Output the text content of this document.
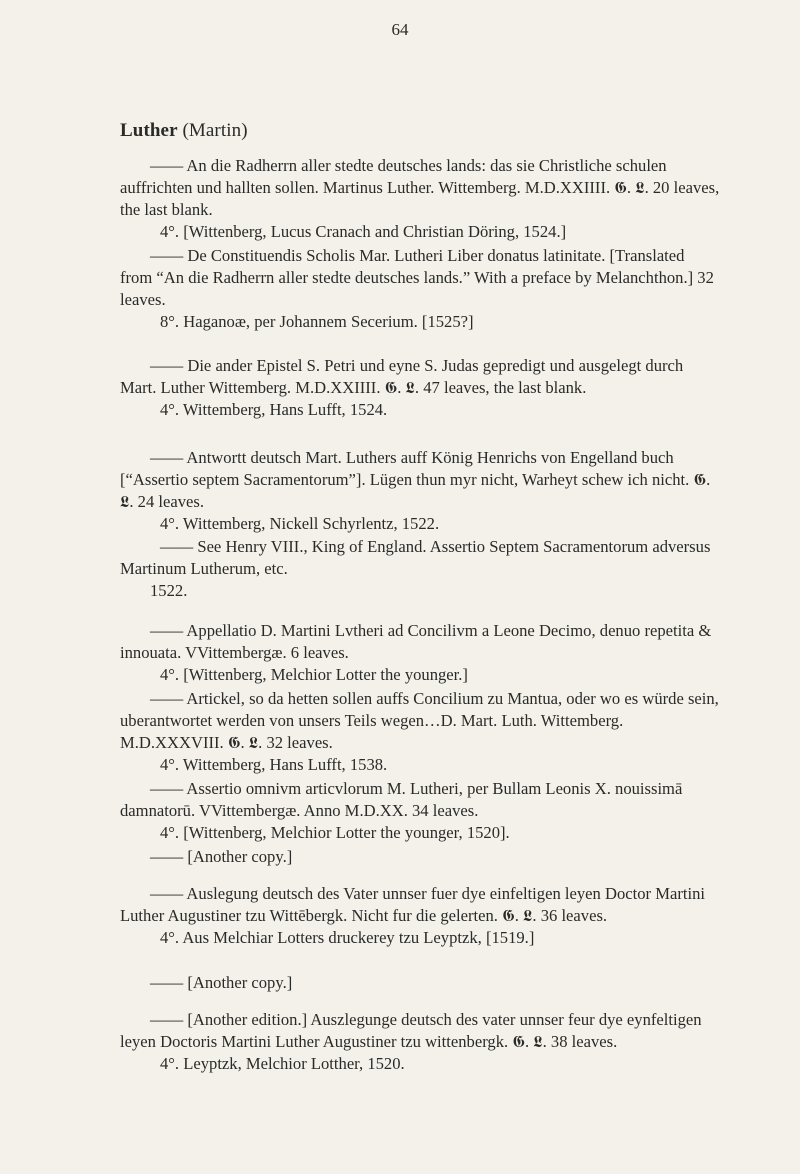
64
Luther (Martin)

—— An die Radherrn aller stedte deutsches lands: das sie Christliche schulen auffrichten und hallten sollen. Martinus Luther. Wittemberg. M.D.XXIIII. 𝕲. 𝕷. 20 leaves, the last blank.

4°. [Wittenberg, Lucus Cranach and Christian Döring, 1524.]

—— De Constituendis Scholis Mar. Lutheri Liber donatus latinitate. [Translated from “An die Radherrn aller stedte deutsches lands.” With a preface by Melanchthon.] 32 leaves.

8°. Haganoæ, per Johannem Secerium. [1525?]

—— Die ander Epistel S. Petri und eyne S. Judas gepredigt und ausgelegt durch Mart. Luther Wittemberg. M.D.XXIIII. 𝕲. 𝕷. 47 leaves, the last blank.

4°. Wittemberg, Hans Lufft, 1524.

—— Antwortt deutsch Mart. Luthers auff König Henrichs von Engelland buch [“Assertio septem Sacramentorum”]. Lügen thun myr nicht, Warheyt schew ich nicht. 𝕲. 𝕷. 24 leaves.

4°. Wittemberg, Nickell Schyrlentz, 1522.

—— See Henry VIII., King of England. Assertio Septem Sacramentorum adversus Martinum Lutherum, etc.

1522.

—— Appellatio D. Martini Lvtheri ad Concilivm a Leone Decimo, denuo repetita & innouata. VVittembergæ. 6 leaves.

4°. [Wittenberg, Melchior Lotter the younger.]

—— Artickel, so da hetten sollen auffs Concilium zu Mantua, oder wo es würde sein, uberantwortet werden von unsers Teils wegen…D. Mart. Luth. Wittemberg. M.D.XXXVIII. 𝕲. 𝕷. 32 leaves.

4°. Wittemberg, Hans Lufft, 1538.

—— Assertio omnivm articvlorum M. Lutheri, per Bullam Leonis X. nouissimā damnatorū. VVittembergæ. Anno M.D.XX. 34 leaves.

4°. [Wittenberg, Melchior Lotter the younger, 1520].

—— [Another copy.]

—— Auslegung deutsch des Vater unnser fuer dye einfeltigen leyen Doctor Martini Luther Augustiner tzu Wittēbergk. Nicht fur die gelerten. 𝕲. 𝕷. 36 leaves.

4°. Aus Melchiar Lotters druckerey tzu Leyptzk, [1519.]

—— [Another copy.]

—— [Another edition.] Auszlegunge deutsch des vater unnser feur dye eynfeltigen leyen Doctoris Martini Luther Augustiner tzu wittenbergk. 𝕲. 𝕷. 38 leaves.

4°. Leyptzk, Melchior Lotther, 1520.
